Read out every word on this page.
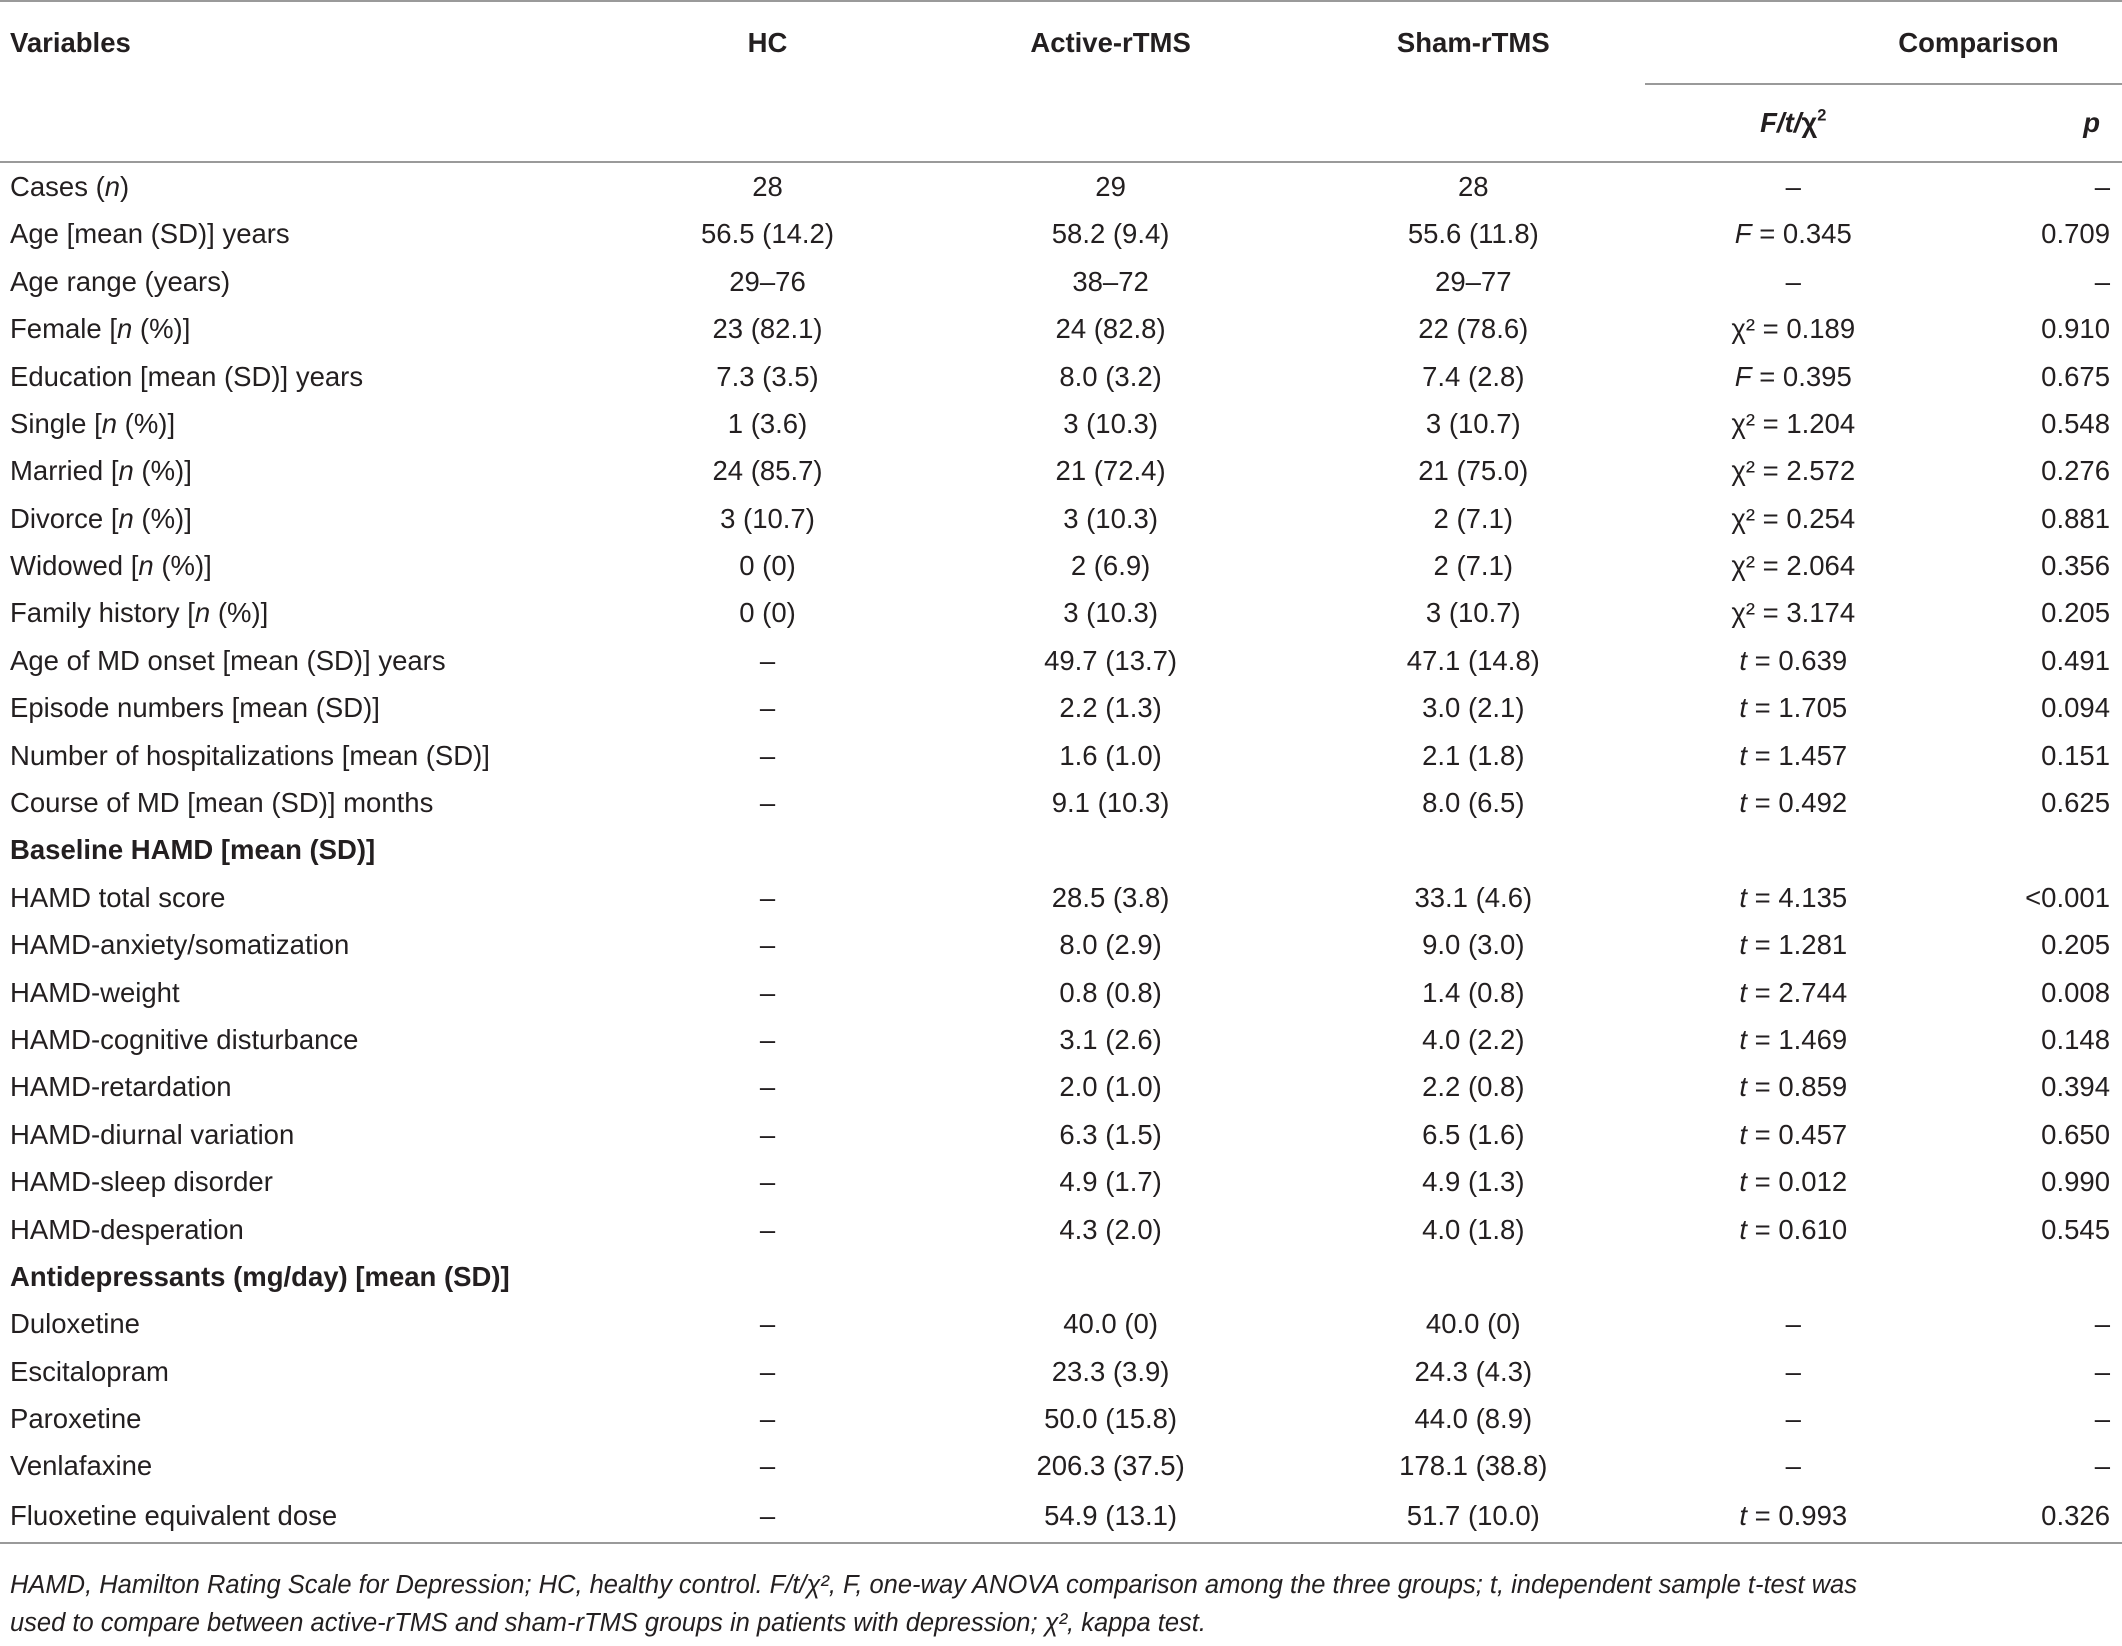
Variables	HC	Active-rTMS	Sham-rTMS	Comparison	

				$F/t/\chi^2$	p
Cases (n)	28	29	28	–	–
Age [mean (SD)] years	56.5 (14.2)	58.2 (9.4)	55.6 (11.8)	F = 0.345	0.709
Age range (years)	29–76	38–72	29–77	–	–
Female [n (%)]	23 (82.1)	24 (82.8)	22 (78.6)	χ² = 0.189	0.910
Education [mean (SD)] years	7.3 (3.5)	8.0 (3.2)	7.4 (2.8)	F = 0.395	0.675
Single [n (%)]	1 (3.6)	3 (10.3)	3 (10.7)	χ² = 1.204	0.548
Married [n (%)]	24 (85.7)	21 (72.4)	21 (75.0)	χ² = 2.572	0.276
Divorce [n (%)]	3 (10.7)	3 (10.3)	2 (7.1)	χ² = 0.254	0.881
Widowed [n (%)]	0 (0)	2 (6.9)	2 (7.1)	χ² = 2.064	0.356
Family history [n (%)]	0 (0)	3 (10.3)	3 (10.7)	χ² = 3.174	0.205
Age of MD onset [mean (SD)] years	–	49.7 (13.7)	47.1 (14.8)	t = 0.639	0.491
Episode numbers [mean (SD)]	–	2.2 (1.3)	3.0 (2.1)	t = 1.705	0.094
Number of hospitalizations [mean (SD)]	–	1.6 (1.0)	2.1 (1.8)	t = 1.457	0.151
Course of MD [mean (SD)] months	–	9.1 (10.3)	8.0 (6.5)	t = 0.492	0.625
Baseline HAMD [mean (SD)]					
HAMD total score	–	28.5 (3.8)	33.1 (4.6)	t = 4.135	<0.001
HAMD-anxiety/somatization	–	8.0 (2.9)	9.0 (3.0)	t = 1.281	0.205
HAMD-weight	–	0.8 (0.8)	1.4 (0.8)	t = 2.744	0.008
HAMD-cognitive disturbance	–	3.1 (2.6)	4.0 (2.2)	t = 1.469	0.148
HAMD-retardation	–	2.0 (1.0)	2.2 (0.8)	t = 0.859	0.394
HAMD-diurnal variation	–	6.3 (1.5)	6.5 (1.6)	t = 0.457	0.650
HAMD-sleep disorder	–	4.9 (1.7)	4.9 (1.3)	t = 0.012	0.990
HAMD-desperation	–	4.3 (2.0)	4.0 (1.8)	t = 0.610	0.545
Antidepressants (mg/day) [mean (SD)]					
Duloxetine	–	40.0 (0)	40.0 (0)	–	–
Escitalopram	–	23.3 (3.9)	24.3 (4.3)	–	–
Paroxetine	–	50.0 (15.8)	44.0 (8.9)	–	–
Venlafaxine	–	206.3 (37.5)	178.1 (38.8)	–	–
Fluoxetine equivalent dose	–	54.9 (13.1)	51.7 (10.0)	t = 0.993	0.326
HAMD, Hamilton Rating Scale for Depression; HC, healthy control. F/t/χ², F, one-way ANOVA comparison among the three groups; t, independent sample t-test was
used to compare between active-rTMS and sham-rTMS groups in patients with depression; χ², kappa test.
